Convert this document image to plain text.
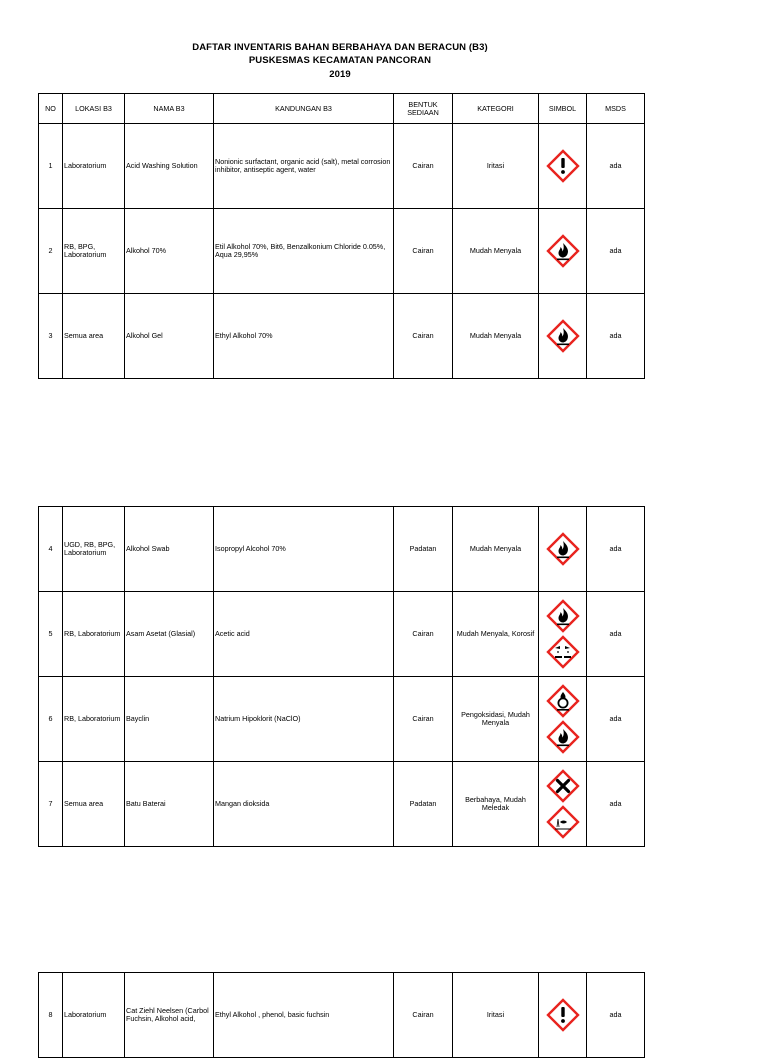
DAFTAR INVENTARIS BAHAN BERBAHAYA DAN BERACUN (B3)
PUSKESMAS KECAMATAN PANCORAN
2019
NO	LOKASI B3	NAMA B3	KANDUNGAN B3	BENTUK SEDIAAN	KATEGORI	SIMBOL	MSDS
1	Laboratorium	Acid Washing Solution	Nonionic surfactant, organic acid (salt), metal corrosion inhibitor, antiseptic agent, water	Cairan	Iritasi		ada
2	RB, BPG, Laboratorium	Alkohol 70%	Etil Alkohol 70%, Bit6, Benzalkonium Chloride 0.05%, Aqua 29,95%	Cairan	Mudah Menyala		ada
3	Semua area	Alkohol Gel	Ethyl Alkohol 70%	Cairan	Mudah Menyala		ada
4	UGD, RB, BPG, Laboratorium	Alkohol Swab	Isopropyl Alcohol 70%	Padatan	Mudah Menyala		ada
5	RB, Laboratorium	Asam Asetat (Glasial)	Acetic acid	Cairan	Mudah Menyala, Korosif		ada
6	RB, Laboratorium	Bayclin	Natrium Hipoklorit (NaClO)	Cairan	Pengoksidasi, Mudah Menyala		ada
7	Semua area	Batu Baterai	Mangan dioksida	Padatan	Berbahaya, Mudah Meledak		ada
8	Laboratorium	Cat Ziehl Neelsen (Carbol Fuchsin, Alkohol acid,	Ethyl Alkohol , phenol, basic fuchsin	Cairan	Iritasi		ada
